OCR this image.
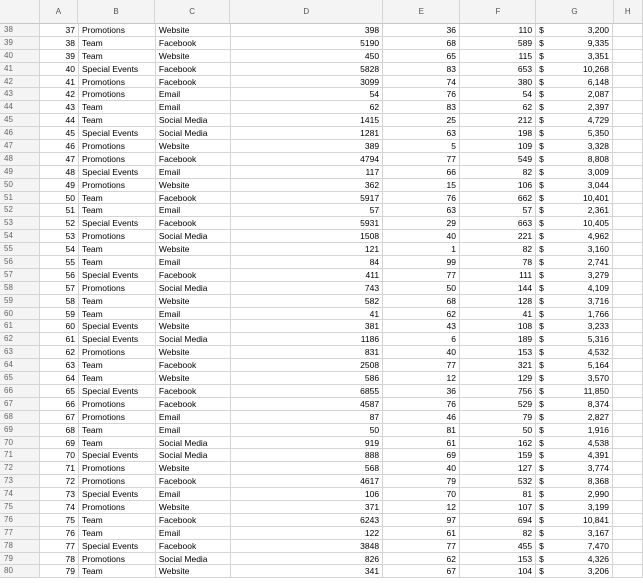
A	B	C	D	E	F	G	H
38	37 Promotions	Website	398	36	110 $	3,200
39	38 Team	Facebook	5190	68	589 $	9,335
40	39 Team	Website	450	65	115 $	3,351
41	40 Special Events	Facebook	5828	83	653 $	10,268
42	41 Promotions	Facebook	3099	74	380 $	6,148
43	42 Promotions	Email	54	76	54 $	2,087
44	43 Team	Email	62	83	62 $	2,397
45	44 Team	Social Media	1415	25	212 $	4,729
46	45 Special Events	Social Media	1281	63	198 $	5,350
47	46 Promotions	Website	389	5	109 $	3,328
48	47 Promotions	Facebook	4794	77	549 $	8,808
49	48 Special Events	Email	117	66	82 $	3,009
50	49 Promotions	Website	362	15	106 $	3,044
51	50 Team	Facebook	5917	76	662 $	10,401
52	51 Team	Email	57	63	57 $	2,361
53	52 Special Events	Facebook	5931	29	663 $	10,405
54	53 Promotions	Social Media	1508	40	221 $	4,962
55	54 Team	Website	121	1	82 $	3,160
56	55 Team	Email	84	99	78 $	2,741
57	56 Special Events	Facebook	411	77	111 $	3,279
58	57 Promotions	Social Media	743	50	144 $	4,109
59	58 Team	Website	582	68	128 $	3,716
60	59 Team	Email	41	62	41 $	1,766
61	60 Special Events	Website	381	43	108 $	3,233
62	61 Special Events	Social Media	1186	6	189 $	5,316
63	62 Promotions	Website	831	40	153 $	4,532
64	63 Team	Facebook	2508	77	321 $	5,164
65	64 Team	Website	586	12	129 $	3,570
66	65 Special Events	Facebook	6855	36	756 $	11,850
67	66 Promotions	Facebook	4587	76	529 $	8,374
68	67 Promotions	Email	87	46	79 $	2,827
69	68 Team	Email	50	81	50 $	1,916
70	69 Team	Social Media	919	61	162 $	4,538
71	70 Special Events	Social Media	888	69	159 $	4,391
72	71 Promotions	Website	568	40	127 $	3,774
73	72 Promotions	Facebook	4617	79	532 $	8,368
74	73 Special Events	Email	106	70	81 $	2,990
75	74 Promotions	Website	371	12	107 $	3,199
76	75 Team	Facebook	6243	97	694 $	10,841
77	76 Team	Email	122	61	82 $	3,167
78	77 Special Events	Facebook	3848	77	455 $	7,470
79	78 Promotions	Social Media	826	62	153 $	4,326
80	79 Team	Website	341	67	104 $	3,206
